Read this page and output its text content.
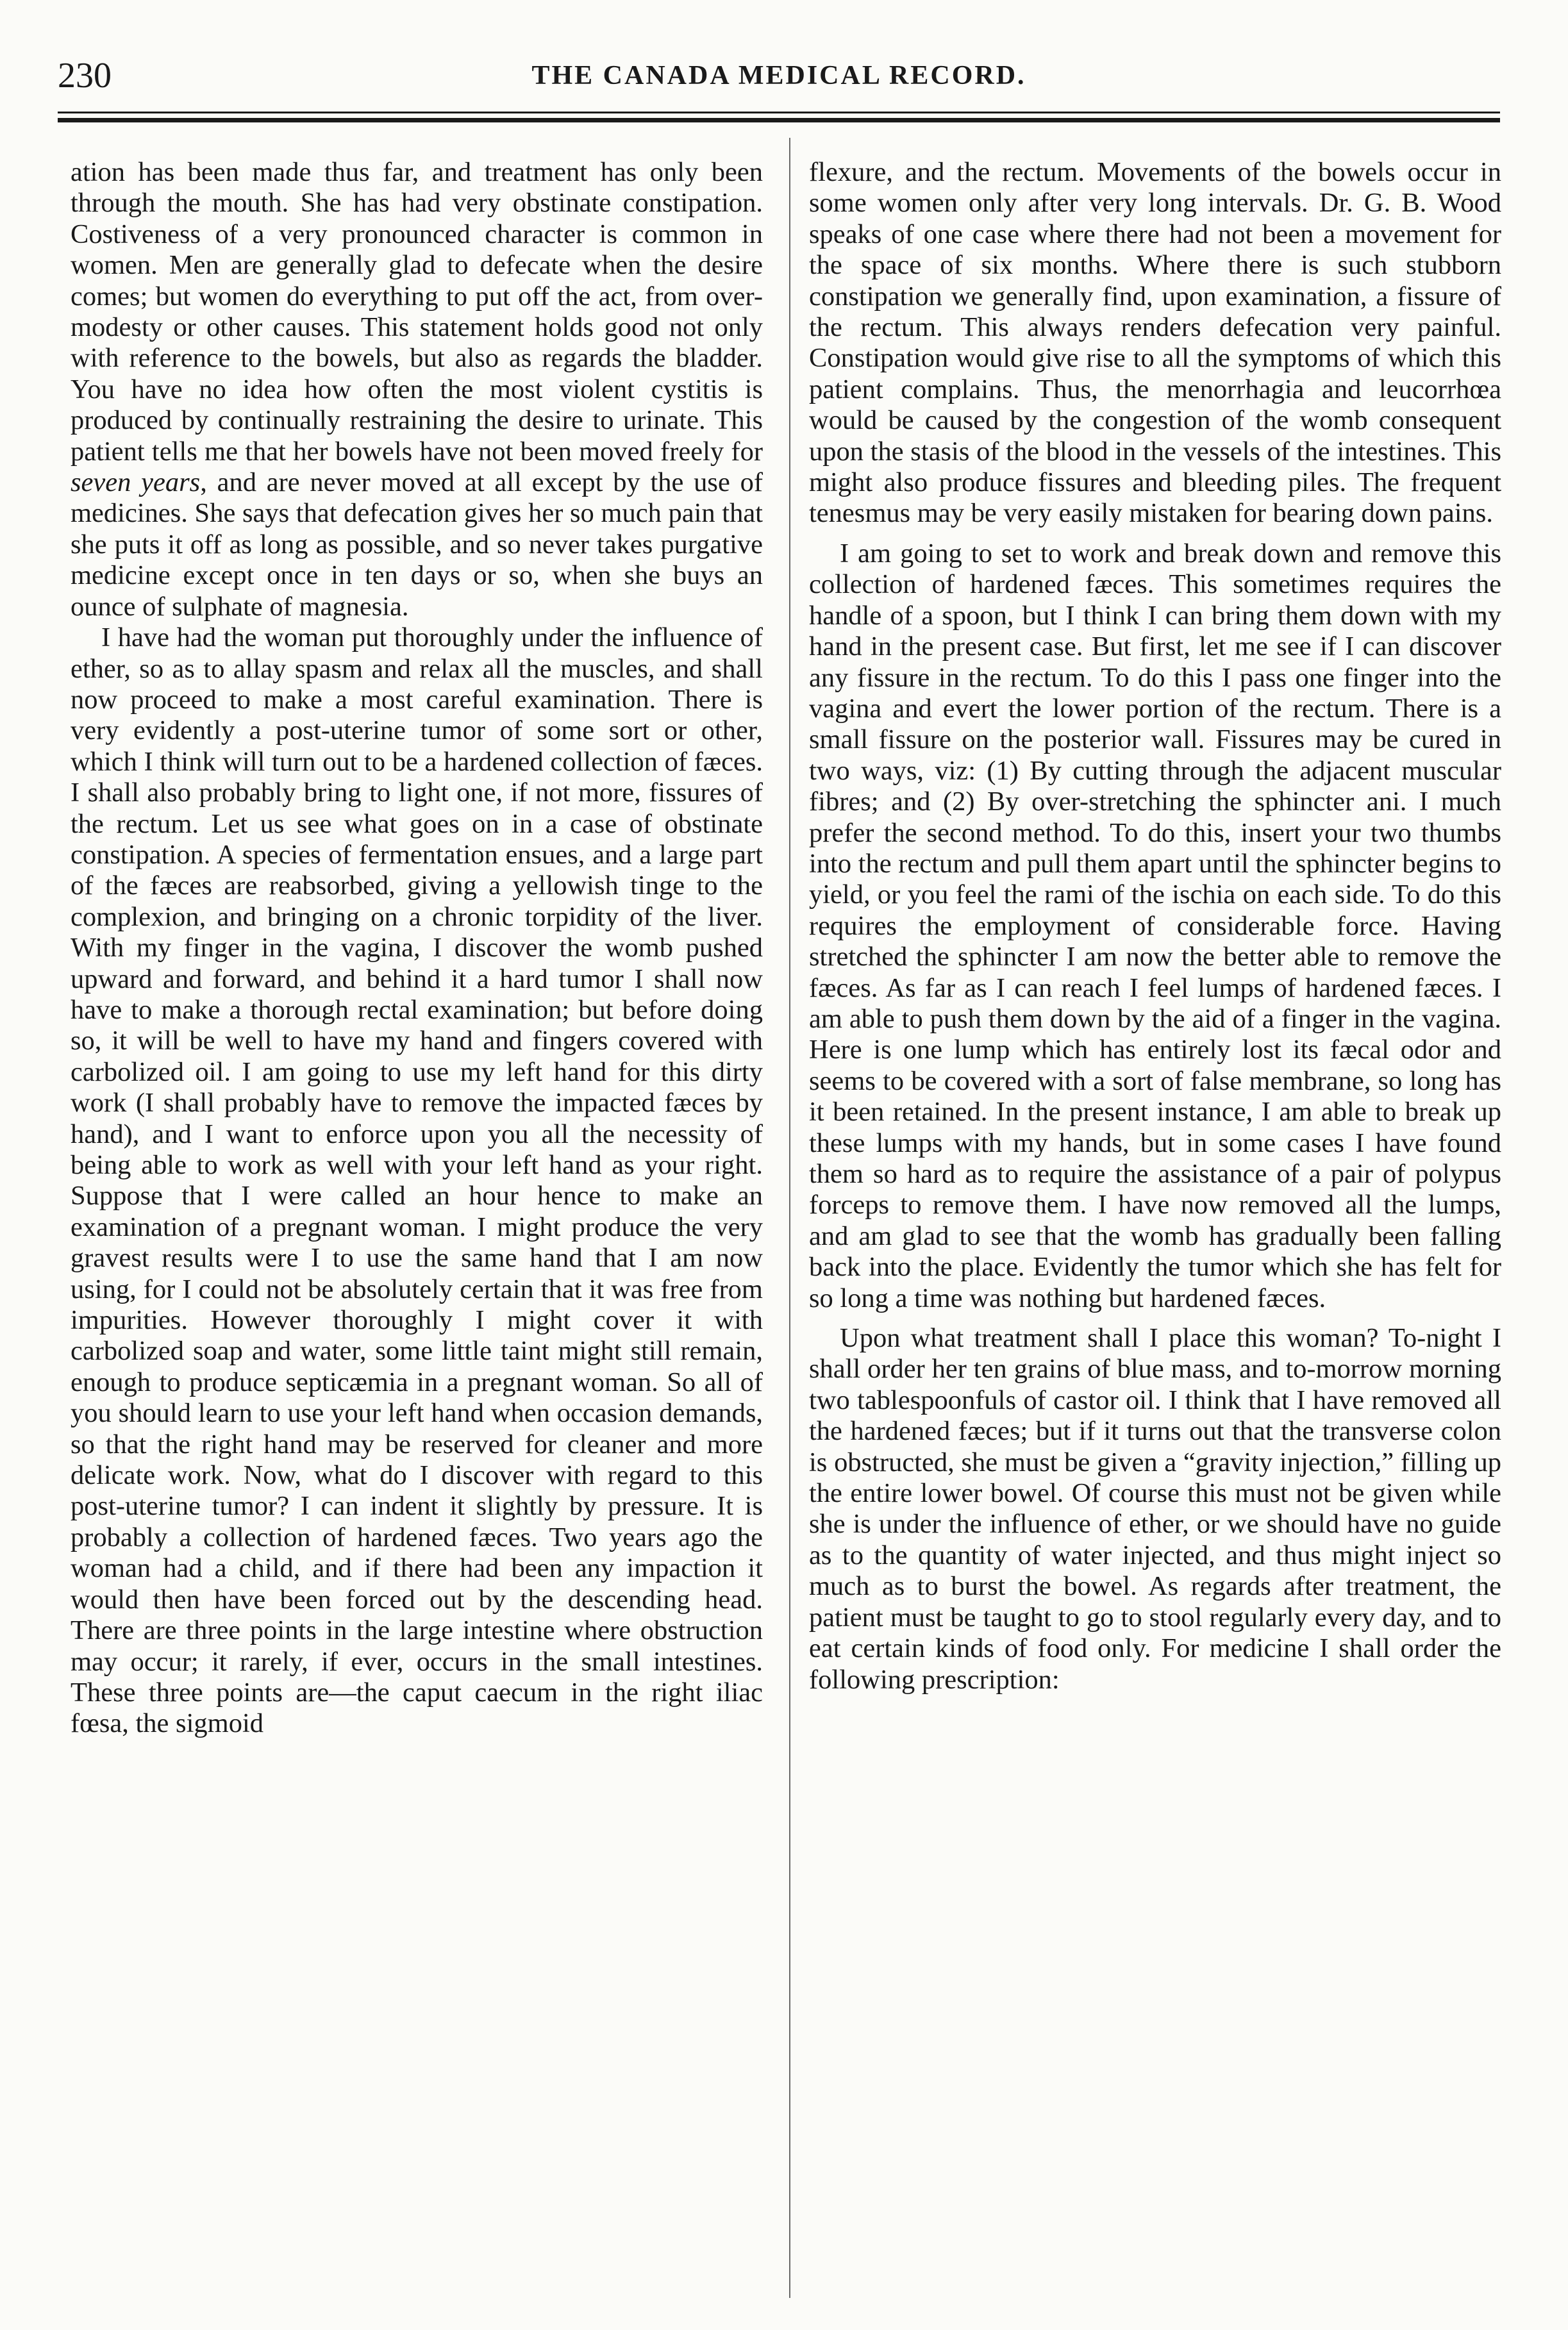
230	THE CANADA MEDICAL RECORD.

ation has been made thus far, and treatment has only been through the mouth. She has had very obstinate constipation. Costiveness of a very pronounced character is common in women. Men are generally glad to defecate when the desire comes; but women do everything to put off the act, from over-modesty or other causes. This statement holds good not only with reference to the bowels, but also as regards the bladder. You have no idea how often the most violent cystitis is produced by continually restraining the desire to urinate. This patient tells me that her bowels have not been moved freely for seven years, and are never moved at all except by the use of medicines. She says that defecation gives her so much pain that she puts it off as long as possible, and so never takes purgative medicine except once in ten days or so, when she buys an ounce of sulphate of magnesia.

I have had the woman put thoroughly under the influence of ether, so as to allay spasm and relax all the muscles, and shall now proceed to make a most careful examination. There is very evidently a post-uterine tumor of some sort or other, which I think will turn out to be a hardened collection of fæces. I shall also probably bring to light one, if not more, fissures of the rectum. Let us see what goes on in a case of obstinate constipation. A species of fermentation ensues, and a large part of the fæces are reabsorbed, giving a yellowish tinge to the complexion, and bringing on a chronic torpidity of the liver. With my finger in the vagina, I discover the womb pushed upward and forward, and behind it a hard tumor I shall now have to make a thorough rectal examination; but before doing so, it will be well to have my hand and fingers covered with carbolized oil. I am going to use my left hand for this dirty work (I shall probably have to remove the impacted fæces by hand), and I want to enforce upon you all the necessity of being able to work as well with your left hand as your right. Suppose that I were called an hour hence to make an examination of a pregnant woman. I might produce the very gravest results were I to use the same hand that I am now using, for I could not be absolutely certain that it was free from impurities. However thoroughly I might cover it with carbolized soap and water, some little taint might still remain, enough to produce septicæmia in a pregnant woman. So all of you should learn to use your left hand when occasion demands, so that the right hand may be reserved for cleaner and more delicate work. Now, what do I discover with regard to this post-uterine tumor? I can indent it slightly by pressure. It is probably a collection of hardened fæces. Two years ago the woman had a child, and if there had been any impaction it would then have been forced out by the descending head. There are three points in the large intestine where obstruction may occur; it rarely, if ever, occurs in the small intestines. These three points are—the caput caecum in the right iliac fœsa, the sigmoid

flexure, and the rectum. Movements of the bowels occur in some women only after very long intervals. Dr. G. B. Wood speaks of one case where there had not been a movement for the space of six months. Where there is such stubborn constipation we generally find, upon examination, a fissure of the rectum. This always renders defecation very painful. Constipation would give rise to all the symptoms of which this patient complains. Thus, the menorrhagia and leucorrhœa would be caused by the congestion of the womb consequent upon the stasis of the blood in the vessels of the intestines. This might also produce fissures and bleeding piles. The frequent tenesmus may be very easily mistaken for bearing down pains.

I am going to set to work and break down and remove this collection of hardened fæces. This sometimes requires the handle of a spoon, but I think I can bring them down with my hand in the present case. But first, let me see if I can discover any fissure in the rectum. To do this I pass one finger into the vagina and evert the lower portion of the rectum. There is a small fissure on the posterior wall. Fissures may be cured in two ways, viz: (1) By cutting through the adjacent muscular fibres; and (2) By over-stretching the sphincter ani. I much prefer the second method. To do this, insert your two thumbs into the rectum and pull them apart until the sphincter begins to yield, or you feel the rami of the ischia on each side. To do this requires the employment of considerable force. Having stretched the sphincter I am now the better able to remove the fæces. As far as I can reach I feel lumps of hardened fæces. I am able to push them down by the aid of a finger in the vagina. Here is one lump which has entirely lost its fæcal odor and seems to be covered with a sort of false membrane, so long has it been retained. In the present instance, I am able to break up these lumps with my hands, but in some cases I have found them so hard as to require the assistance of a pair of polypus forceps to remove them. I have now removed all the lumps, and am glad to see that the womb has gradually been falling back into the place. Evidently the tumor which she has felt for so long a time was nothing but hardened fæces.

Upon what treatment shall I place this woman? To-night I shall order her ten grains of blue mass, and to-morrow morning two tablespoonfuls of castor oil. I think that I have removed all the hardened fæces; but if it turns out that the transverse colon is obstructed, she must be given a “gravity injection,” filling up the entire lower bowel. Of course this must not be given while she is under the influence of ether, or we should have no guide as to the quantity of water injected, and thus might inject so much as to burst the bowel. As regards after treatment, the patient must be taught to go to stool regularly every day, and to eat certain kinds of food only. For medicine I shall order the following prescription:
